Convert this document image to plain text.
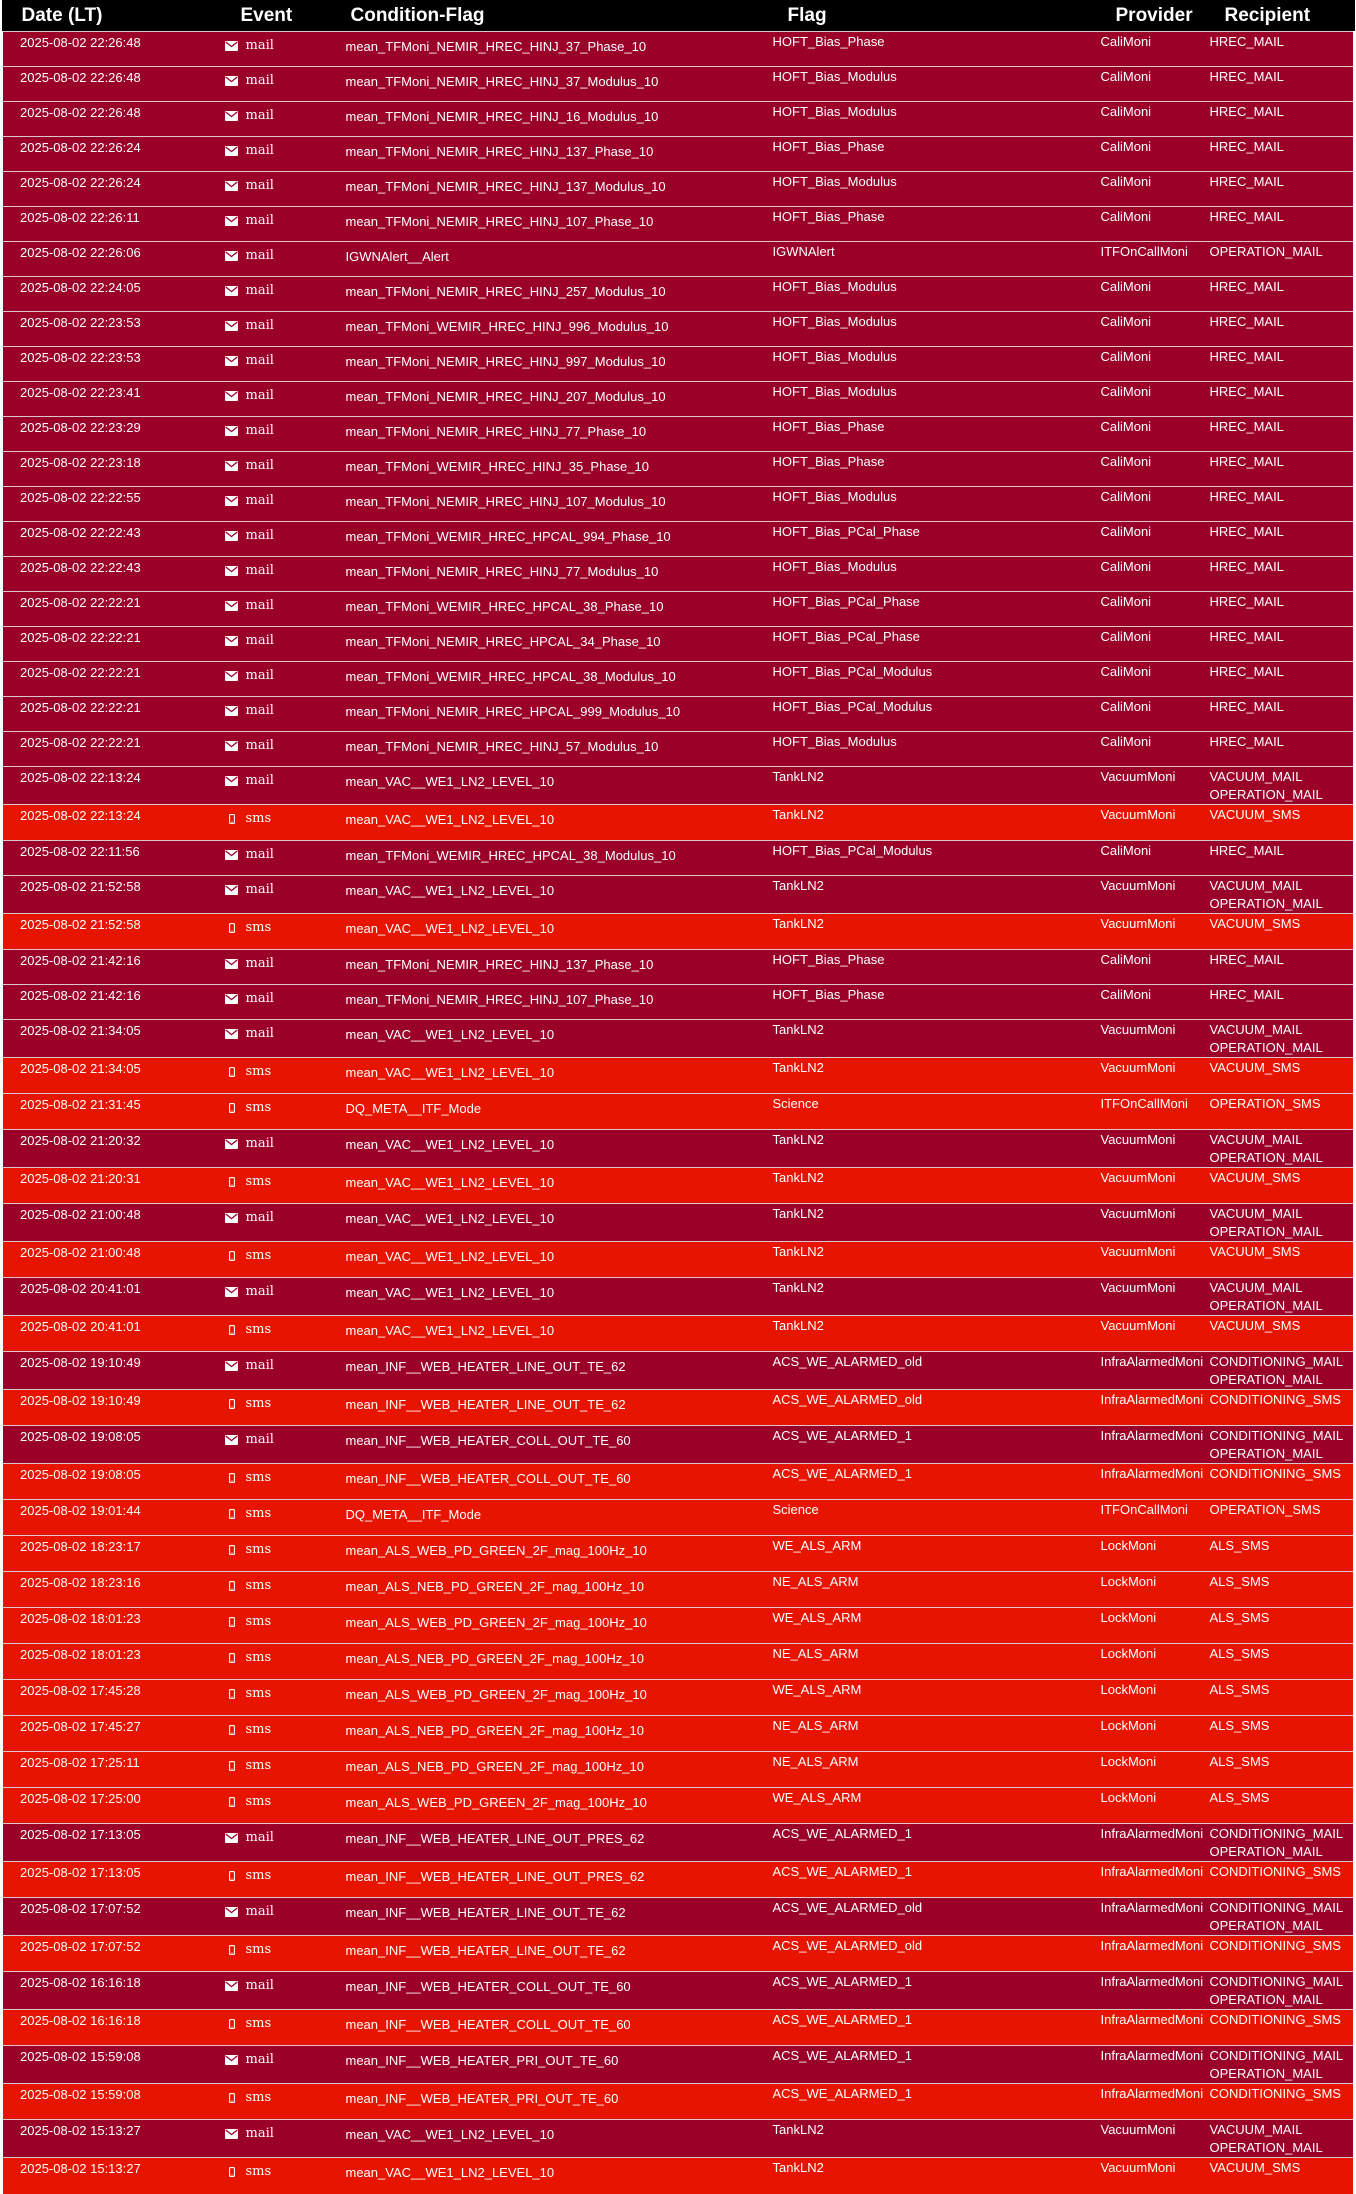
Date (LT)	Event	Condition-Flag	Flag	Provider	Recipient
2025-08-02 22:26:48	mail	mean_TFMoni_NEMIR_HREC_HINJ_37_Phase_10	HOFT_Bias_Phase	CaliMoni	HREC_MAIL

2025-08-02 22:26:48	mail	mean_TFMoni_NEMIR_HREC_HINJ_37_Modulus_10	HOFT_Bias_Modulus	CaliMoni	HREC_MAIL

2025-08-02 22:26:48	mail	mean_TFMoni_NEMIR_HREC_HINJ_16_Modulus_10	HOFT_Bias_Modulus	CaliMoni	HREC_MAIL

2025-08-02 22:26:24	mail	mean_TFMoni_NEMIR_HREC_HINJ_137_Phase_10	HOFT_Bias_Phase	CaliMoni	HREC_MAIL

2025-08-02 22:26:24	mail	mean_TFMoni_NEMIR_HREC_HINJ_137_Modulus_10	HOFT_Bias_Modulus	CaliMoni	HREC_MAIL

2025-08-02 22:26:11	mail	mean_TFMoni_NEMIR_HREC_HINJ_107_Phase_10	HOFT_Bias_Phase	CaliMoni	HREC_MAIL

2025-08-02 22:26:06	mail	IGWNAlert__Alert	IGWNAlert	ITFOnCallMoni	OPERATION_MAIL

2025-08-02 22:24:05	mail	mean_TFMoni_NEMIR_HREC_HINJ_257_Modulus_10	HOFT_Bias_Modulus	CaliMoni	HREC_MAIL

2025-08-02 22:23:53	mail	mean_TFMoni_WEMIR_HREC_HINJ_996_Modulus_10	HOFT_Bias_Modulus	CaliMoni	HREC_MAIL

2025-08-02 22:23:53	mail	mean_TFMoni_NEMIR_HREC_HINJ_997_Modulus_10	HOFT_Bias_Modulus	CaliMoni	HREC_MAIL

2025-08-02 22:23:41	mail	mean_TFMoni_NEMIR_HREC_HINJ_207_Modulus_10	HOFT_Bias_Modulus	CaliMoni	HREC_MAIL

2025-08-02 22:23:29	mail	mean_TFMoni_NEMIR_HREC_HINJ_77_Phase_10	HOFT_Bias_Phase	CaliMoni	HREC_MAIL

2025-08-02 22:23:18	mail	mean_TFMoni_WEMIR_HREC_HINJ_35_Phase_10	HOFT_Bias_Phase	CaliMoni	HREC_MAIL

2025-08-02 22:22:55	mail	mean_TFMoni_NEMIR_HREC_HINJ_107_Modulus_10	HOFT_Bias_Modulus	CaliMoni	HREC_MAIL

2025-08-02 22:22:43	mail	mean_TFMoni_WEMIR_HREC_HPCAL_994_Phase_10	HOFT_Bias_PCal_Phase	CaliMoni	HREC_MAIL

2025-08-02 22:22:43	mail	mean_TFMoni_NEMIR_HREC_HINJ_77_Modulus_10	HOFT_Bias_Modulus	CaliMoni	HREC_MAIL

2025-08-02 22:22:21	mail	mean_TFMoni_WEMIR_HREC_HPCAL_38_Phase_10	HOFT_Bias_PCal_Phase	CaliMoni	HREC_MAIL

2025-08-02 22:22:21	mail	mean_TFMoni_NEMIR_HREC_HPCAL_34_Phase_10	HOFT_Bias_PCal_Phase	CaliMoni	HREC_MAIL

2025-08-02 22:22:21	mail	mean_TFMoni_WEMIR_HREC_HPCAL_38_Modulus_10	HOFT_Bias_PCal_Modulus	CaliMoni	HREC_MAIL

2025-08-02 22:22:21	mail	mean_TFMoni_NEMIR_HREC_HPCAL_999_Modulus_10	HOFT_Bias_PCal_Modulus	CaliMoni	HREC_MAIL

2025-08-02 22:22:21	mail	mean_TFMoni_NEMIR_HREC_HINJ_57_Modulus_10	HOFT_Bias_Modulus	CaliMoni	HREC_MAIL

2025-08-02 22:13:24	mail	mean_VAC__WE1_LN2_LEVEL_10	TankLN2	VacuumMoni	VACUUM_MAIL
OPERATION_MAIL

2025-08-02 22:13:24	sms	mean_VAC__WE1_LN2_LEVEL_10	TankLN2	VacuumMoni	VACUUM_SMS

2025-08-02 22:11:56	mail	mean_TFMoni_WEMIR_HREC_HPCAL_38_Modulus_10	HOFT_Bias_PCal_Modulus	CaliMoni	HREC_MAIL

2025-08-02 21:52:58	mail	mean_VAC__WE1_LN2_LEVEL_10	TankLN2	VacuumMoni	VACUUM_MAIL
OPERATION_MAIL

2025-08-02 21:52:58	sms	mean_VAC__WE1_LN2_LEVEL_10	TankLN2	VacuumMoni	VACUUM_SMS

2025-08-02 21:42:16	mail	mean_TFMoni_NEMIR_HREC_HINJ_137_Phase_10	HOFT_Bias_Phase	CaliMoni	HREC_MAIL

2025-08-02 21:42:16	mail	mean_TFMoni_NEMIR_HREC_HINJ_107_Phase_10	HOFT_Bias_Phase	CaliMoni	HREC_MAIL

2025-08-02 21:34:05	mail	mean_VAC__WE1_LN2_LEVEL_10	TankLN2	VacuumMoni	VACUUM_MAIL
OPERATION_MAIL

2025-08-02 21:34:05	sms	mean_VAC__WE1_LN2_LEVEL_10	TankLN2	VacuumMoni	VACUUM_SMS

2025-08-02 21:31:45	sms	DQ_META__ITF_Mode	Science	ITFOnCallMoni	OPERATION_SMS

2025-08-02 21:20:32	mail	mean_VAC__WE1_LN2_LEVEL_10	TankLN2	VacuumMoni	VACUUM_MAIL
OPERATION_MAIL

2025-08-02 21:20:31	sms	mean_VAC__WE1_LN2_LEVEL_10	TankLN2	VacuumMoni	VACUUM_SMS

2025-08-02 21:00:48	mail	mean_VAC__WE1_LN2_LEVEL_10	TankLN2	VacuumMoni	VACUUM_MAIL
OPERATION_MAIL

2025-08-02 21:00:48	sms	mean_VAC__WE1_LN2_LEVEL_10	TankLN2	VacuumMoni	VACUUM_SMS

2025-08-02 20:41:01	mail	mean_VAC__WE1_LN2_LEVEL_10	TankLN2	VacuumMoni	VACUUM_MAIL
OPERATION_MAIL

2025-08-02 20:41:01	sms	mean_VAC__WE1_LN2_LEVEL_10	TankLN2	VacuumMoni	VACUUM_SMS

2025-08-02 19:10:49	mail	mean_INF__WEB_HEATER_LINE_OUT_TE_62	ACS_WE_ALARMED_old	InfraAlarmedMoni	CONDITIONING_MAIL
OPERATION_MAIL

2025-08-02 19:10:49	sms	mean_INF__WEB_HEATER_LINE_OUT_TE_62	ACS_WE_ALARMED_old	InfraAlarmedMoni	CONDITIONING_SMS

2025-08-02 19:08:05	mail	mean_INF__WEB_HEATER_COLL_OUT_TE_60	ACS_WE_ALARMED_1	InfraAlarmedMoni	CONDITIONING_MAIL
OPERATION_MAIL

2025-08-02 19:08:05	sms	mean_INF__WEB_HEATER_COLL_OUT_TE_60	ACS_WE_ALARMED_1	InfraAlarmedMoni	CONDITIONING_SMS

2025-08-02 19:01:44	sms	DQ_META__ITF_Mode	Science	ITFOnCallMoni	OPERATION_SMS

2025-08-02 18:23:17	sms	mean_ALS_WEB_PD_GREEN_2F_mag_100Hz_10	WE_ALS_ARM	LockMoni	ALS_SMS

2025-08-02 18:23:16	sms	mean_ALS_NEB_PD_GREEN_2F_mag_100Hz_10	NE_ALS_ARM	LockMoni	ALS_SMS

2025-08-02 18:01:23	sms	mean_ALS_WEB_PD_GREEN_2F_mag_100Hz_10	WE_ALS_ARM	LockMoni	ALS_SMS

2025-08-02 18:01:23	sms	mean_ALS_NEB_PD_GREEN_2F_mag_100Hz_10	NE_ALS_ARM	LockMoni	ALS_SMS

2025-08-02 17:45:28	sms	mean_ALS_WEB_PD_GREEN_2F_mag_100Hz_10	WE_ALS_ARM	LockMoni	ALS_SMS

2025-08-02 17:45:27	sms	mean_ALS_NEB_PD_GREEN_2F_mag_100Hz_10	NE_ALS_ARM	LockMoni	ALS_SMS

2025-08-02 17:25:11	sms	mean_ALS_NEB_PD_GREEN_2F_mag_100Hz_10	NE_ALS_ARM	LockMoni	ALS_SMS

2025-08-02 17:25:00	sms	mean_ALS_WEB_PD_GREEN_2F_mag_100Hz_10	WE_ALS_ARM	LockMoni	ALS_SMS

2025-08-02 17:13:05	mail	mean_INF__WEB_HEATER_LINE_OUT_PRES_62	ACS_WE_ALARMED_1	InfraAlarmedMoni	CONDITIONING_MAIL
OPERATION_MAIL

2025-08-02 17:13:05	sms	mean_INF__WEB_HEATER_LINE_OUT_PRES_62	ACS_WE_ALARMED_1	InfraAlarmedMoni	CONDITIONING_SMS

2025-08-02 17:07:52	mail	mean_INF__WEB_HEATER_LINE_OUT_TE_62	ACS_WE_ALARMED_old	InfraAlarmedMoni	CONDITIONING_MAIL
OPERATION_MAIL

2025-08-02 17:07:52	sms	mean_INF__WEB_HEATER_LINE_OUT_TE_62	ACS_WE_ALARMED_old	InfraAlarmedMoni	CONDITIONING_SMS

2025-08-02 16:16:18	mail	mean_INF__WEB_HEATER_COLL_OUT_TE_60	ACS_WE_ALARMED_1	InfraAlarmedMoni	CONDITIONING_MAIL
OPERATION_MAIL

2025-08-02 16:16:18	sms	mean_INF__WEB_HEATER_COLL_OUT_TE_60	ACS_WE_ALARMED_1	InfraAlarmedMoni	CONDITIONING_SMS

2025-08-02 15:59:08	mail	mean_INF__WEB_HEATER_PRI_OUT_TE_60	ACS_WE_ALARMED_1	InfraAlarmedMoni	CONDITIONING_MAIL
OPERATION_MAIL

2025-08-02 15:59:08	sms	mean_INF__WEB_HEATER_PRI_OUT_TE_60	ACS_WE_ALARMED_1	InfraAlarmedMoni	CONDITIONING_SMS

2025-08-02 15:13:27	mail	mean_VAC__WE1_LN2_LEVEL_10	TankLN2	VacuumMoni	VACUUM_MAIL
OPERATION_MAIL

2025-08-02 15:13:27	sms	mean_VAC__WE1_LN2_LEVEL_10	TankLN2	VacuumMoni	VACUUM_SMS
